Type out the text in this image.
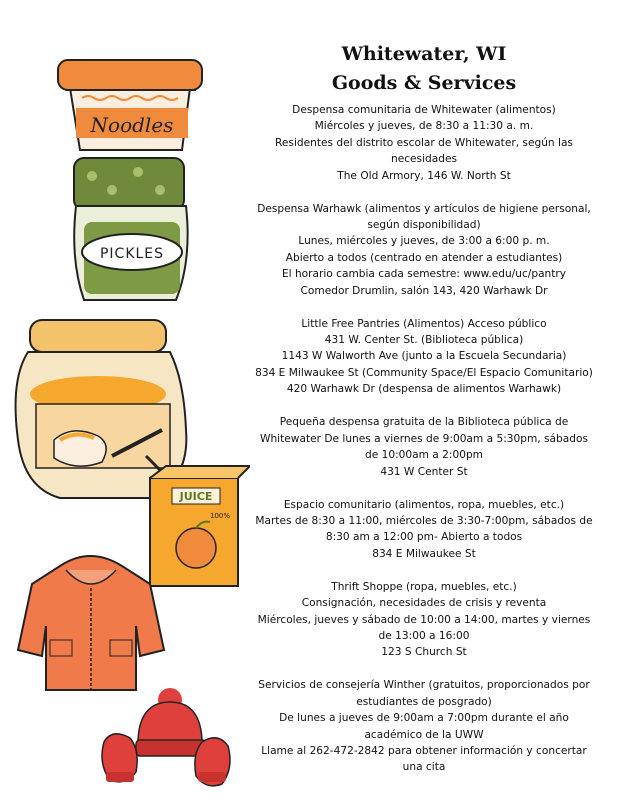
Noodles
PICKLES
JUICE
100%
Whitewater, WI
Goods & Services
Despensa comunitaria de Whitewater (alimentos)
Miércoles y jueves, de 8:30 a 11:30 a. m.
Residentes del distrito escolar de Whitewater, según las
necesidades
The Old Armory, 146 W. North St
Despensa Warhawk (alimentos y artículos de higiene personal,
según disponibilidad)
Lunes, miércoles y jueves, de 3:00 a 6:00 p. m.
Abierto a todos (centrado en atender a estudiantes)
El horario cambia cada semestre: www.edu/uc/pantry
Comedor Drumlin, salón 143, 420 Warhawk Dr
Little Free Pantries (Alimentos) Acceso público
431 W. Center St. (Biblioteca pública)
1143 W Walworth Ave (junto a la Escuela Secundaria)
834 E Milwaukee St (Community Space/El Espacio Comunitario)
420 Warhawk Dr (despensa de alimentos Warhawk)
Pequeña despensa gratuita de la Biblioteca pública de
Whitewater De lunes a viernes de 9:00am a 5:30pm, sábados
de 10:00am a 2:00pm
431 W Center St
Espacio comunitario (alimentos, ropa, muebles, etc.)
Martes de 8:30 a 11:00, miércoles de 3:30-7:00pm, sábados de
8:30 am a 12:00 pm- Abierto a todos
834 E Milwaukee St
Thrift Shoppe (ropa, muebles, etc.)
Consignación, necesidades de crisis y reventa
Miércoles, jueves y sábado de 10:00 a 14:00, martes y viernes
de 13:00 a 16:00
123 S Church St
Servicios de consejería Winther (gratuitos, proporcionados por
estudiantes de posgrado)
De lunes a jueves de 9:00am a 7:00pm durante el año
académico de la UWW
Llame al 262-472-2842 para obtener información y concertar
una cita
